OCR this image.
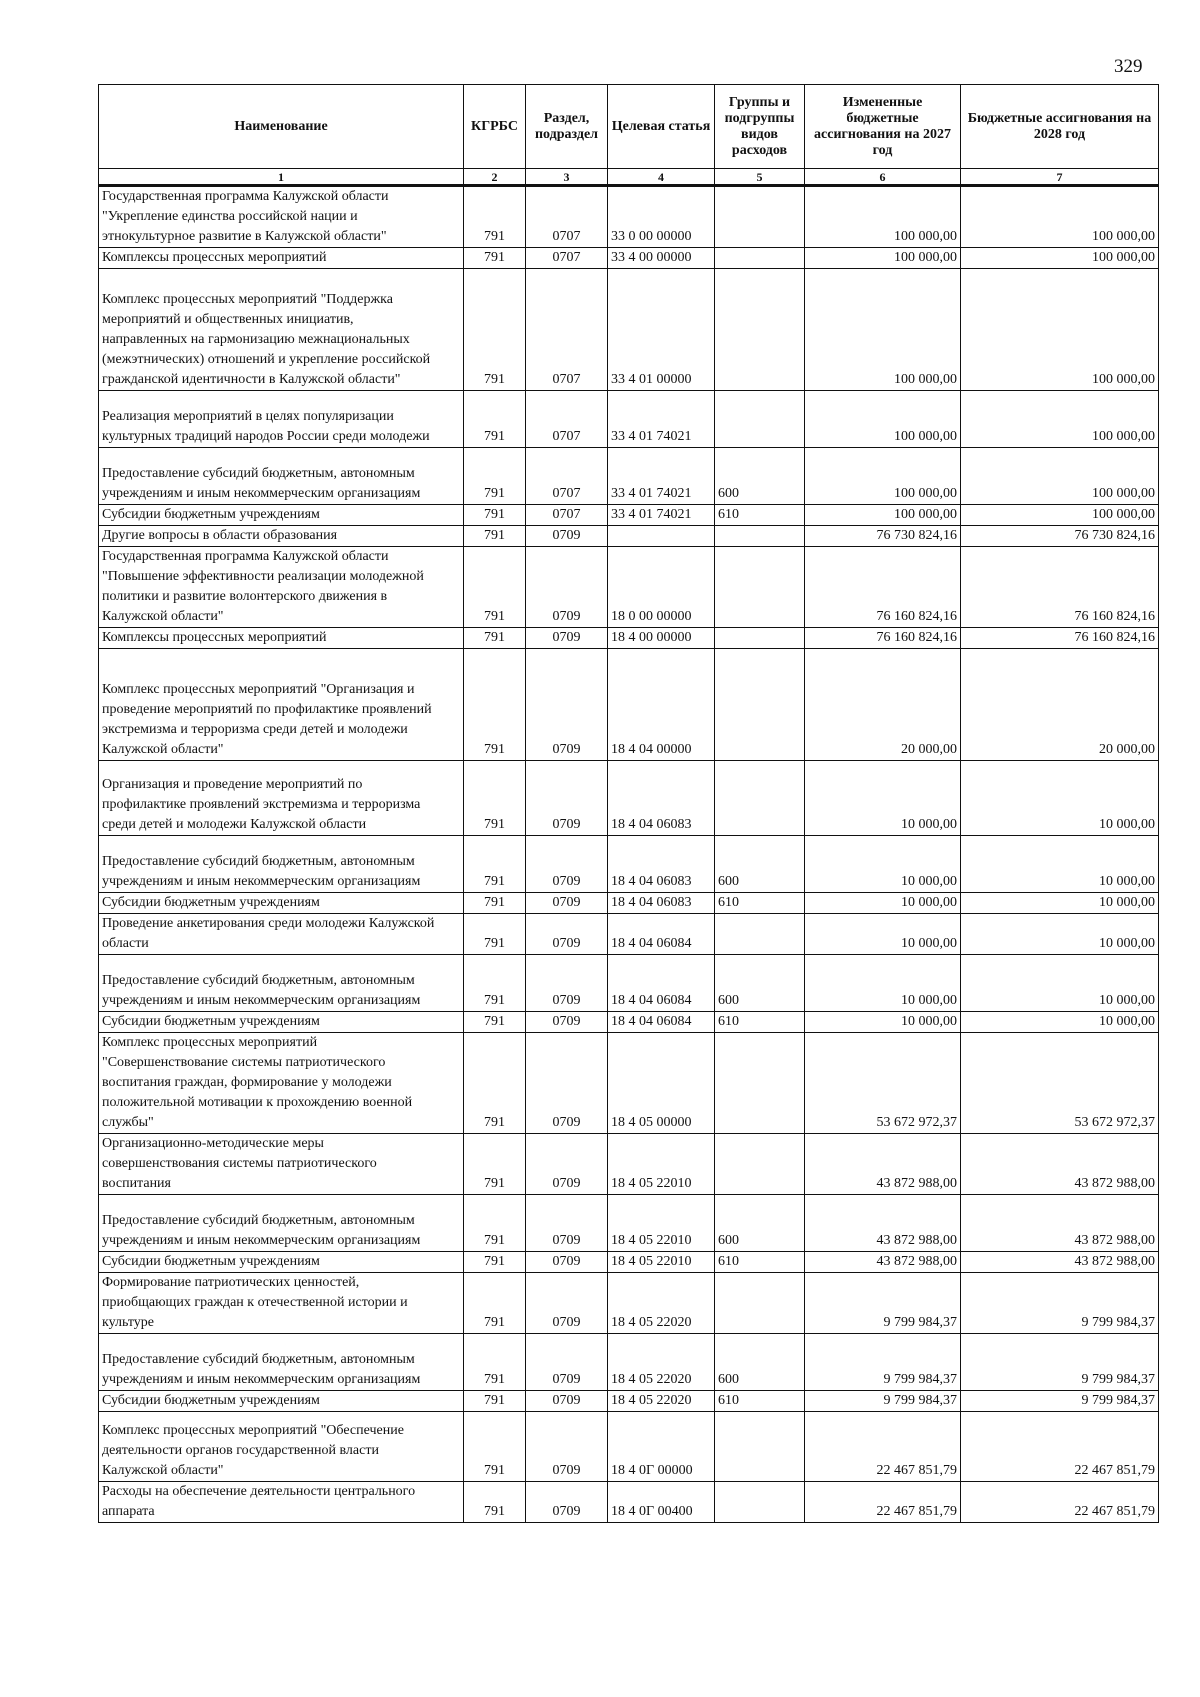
329
Наименование	КГРБС	Раздел, подраздел	Целевая статья	Группы и подгруппы видов расходов	Измененные бюджетные ассигнования на 2027 год	Бюджетные ассигнования на 2028 год
1	2	3	4	5	6	7
Государственная программа Калужской области
"Укрепление единства российской нации и
этнокультурное развитие в Калужской области"	791	0707	33 0 00 00000		100 000,00	100 000,00
Комплексы процессных мероприятий	791	0707	33 4 00 00000		100 000,00	100 000,00
Комплекс процессных мероприятий "Поддержка
мероприятий и общественных инициатив,
направленных на гармонизацию межнациональных
(межэтнических) отношений и укрепление российской
гражданской идентичности в Калужской области"	791	0707	33 4 01 00000		100 000,00	100 000,00
Реализация мероприятий в целях популяризации
культурных традиций народов России среди молодежи	791	0707	33 4 01 74021		100 000,00	100 000,00
Предоставление субсидий бюджетным, автономным
учреждениям и иным некоммерческим организациям	791	0707	33 4 01 74021	600	100 000,00	100 000,00
Субсидии бюджетным учреждениям	791	0707	33 4 01 74021	610	100 000,00	100 000,00
Другие вопросы в области образования	791	0709			76 730 824,16	76 730 824,16
Государственная программа Калужской области
"Повышение эффективности реализации молодежной
политики и развитие волонтерского движения в
Калужской области"	791	0709	18 0 00 00000		76 160 824,16	76 160 824,16
Комплексы процессных мероприятий	791	0709	18 4 00 00000		76 160 824,16	76 160 824,16
Комплекс процессных мероприятий "Организация и
проведение мероприятий по профилактике проявлений
экстремизма и терроризма среди детей и молодежи
Калужской области"	791	0709	18 4 04 00000		20 000,00	20 000,00
Организация и проведение мероприятий по
профилактике проявлений экстремизма и терроризма
среди детей и молодежи Калужской области	791	0709	18 4 04 06083		10 000,00	10 000,00
Предоставление субсидий бюджетным, автономным
учреждениям и иным некоммерческим организациям	791	0709	18 4 04 06083	600	10 000,00	10 000,00
Субсидии бюджетным учреждениям	791	0709	18 4 04 06083	610	10 000,00	10 000,00
Проведение анкетирования среди молодежи Калужской
области	791	0709	18 4 04 06084		10 000,00	10 000,00
Предоставление субсидий бюджетным, автономным
учреждениям и иным некоммерческим организациям	791	0709	18 4 04 06084	600	10 000,00	10 000,00
Субсидии бюджетным учреждениям	791	0709	18 4 04 06084	610	10 000,00	10 000,00
Комплекс процессных мероприятий
"Совершенствование системы патриотического
воспитания граждан, формирование у молодежи
положительной мотивации к прохождению военной
службы"	791	0709	18 4 05 00000		53 672 972,37	53 672 972,37
Организационно-методические меры
совершенствования системы патриотического
воспитания	791	0709	18 4 05 22010		43 872 988,00	43 872 988,00
Предоставление субсидий бюджетным, автономным
учреждениям и иным некоммерческим организациям	791	0709	18 4 05 22010	600	43 872 988,00	43 872 988,00
Субсидии бюджетным учреждениям	791	0709	18 4 05 22010	610	43 872 988,00	43 872 988,00
Формирование патриотических ценностей,
приобщающих граждан к отечественной истории и
культуре	791	0709	18 4 05 22020		9 799 984,37	9 799 984,37
Предоставление субсидий бюджетным, автономным
учреждениям и иным некоммерческим организациям	791	0709	18 4 05 22020	600	9 799 984,37	9 799 984,37
Субсидии бюджетным учреждениям	791	0709	18 4 05 22020	610	9 799 984,37	9 799 984,37
Комплекс процессных мероприятий "Обеспечение
деятельности органов государственной власти
Калужской области"	791	0709	18 4 0Г 00000		22 467 851,79	22 467 851,79
Расходы на обеспечение деятельности центрального
аппарата	791	0709	18 4 0Г 00400		22 467 851,79	22 467 851,79
